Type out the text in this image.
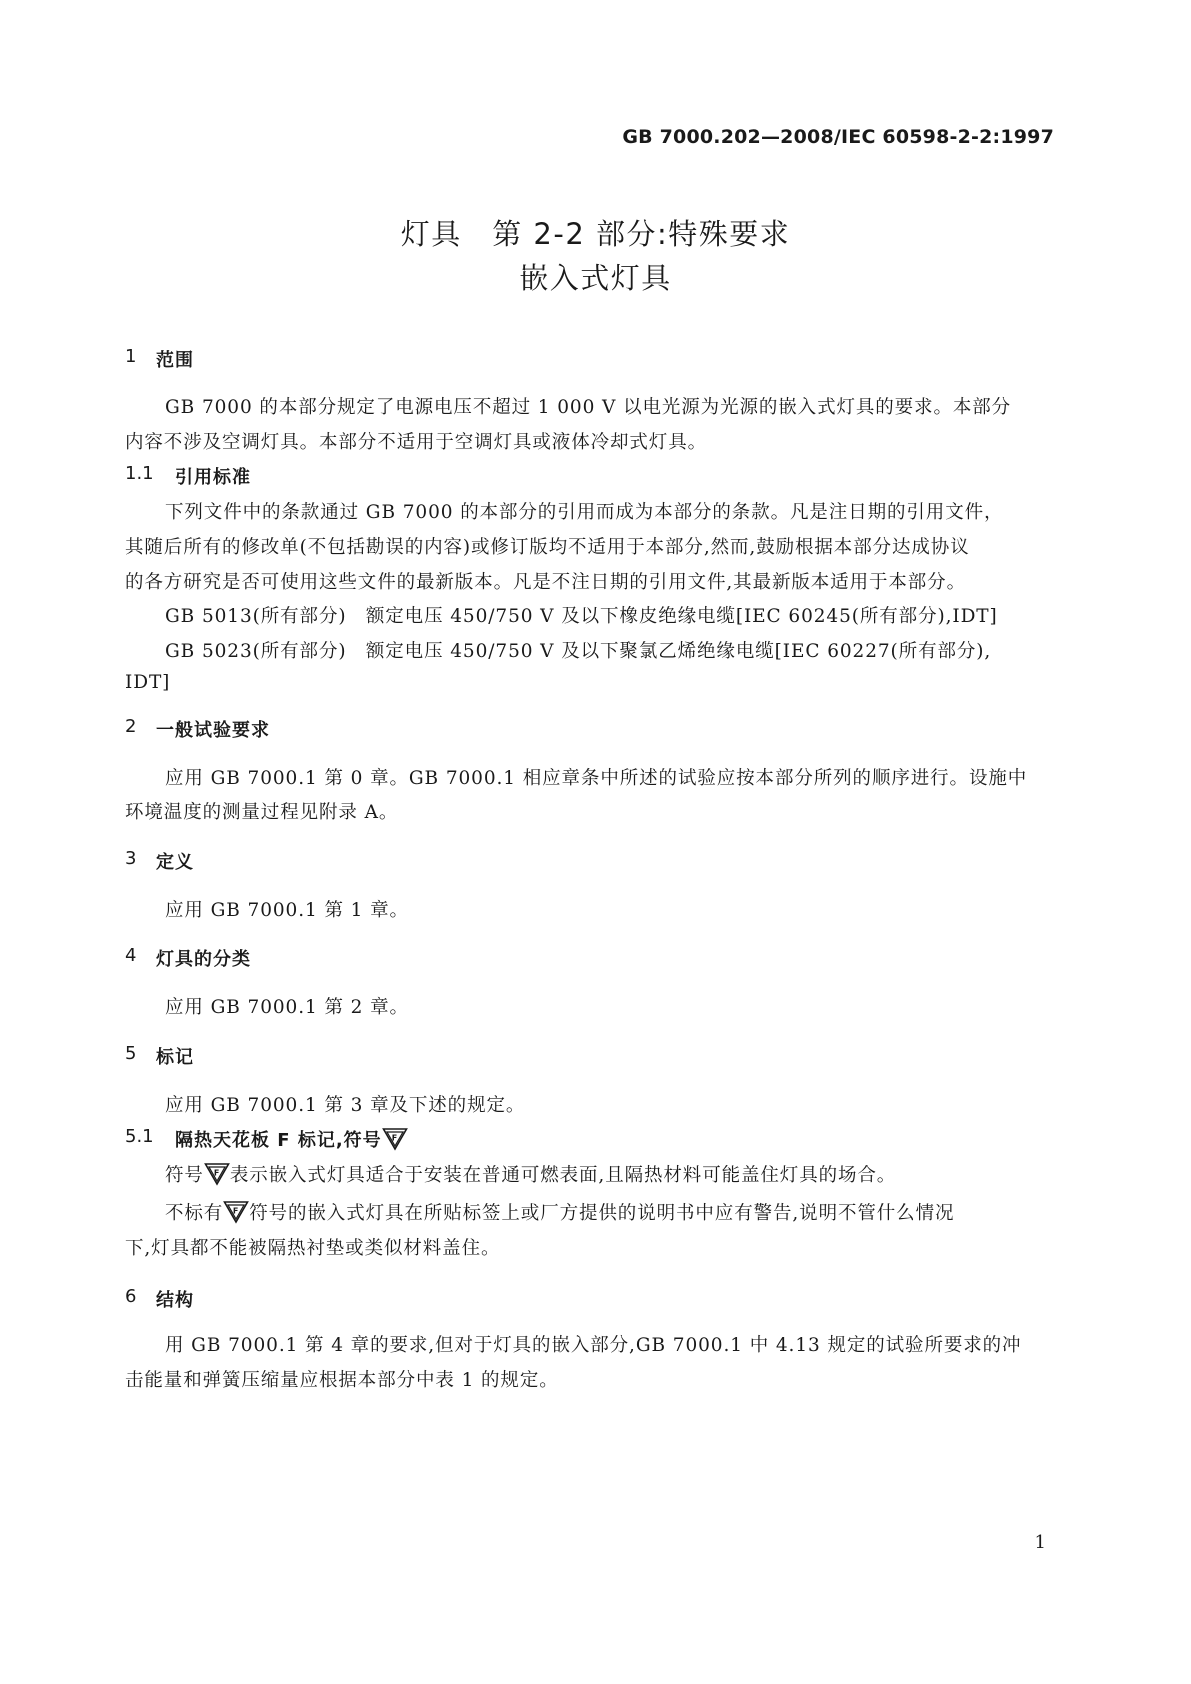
GB 7000.202—2008/IEC 60598-2-2:1997
灯具　第 2-2 部分:特殊要求
嵌入式灯具
1 范围
GB 7000 的本部分规定了电源电压不超过 1 000 V 以电光源为光源的嵌入式灯具的要求。本部分
内容不涉及空调灯具。本部分不适用于空调灯具或液体冷却式灯具。
1.1 引用标准
下列文件中的条款通过 GB 7000 的本部分的引用而成为本部分的条款。凡是注日期的引用文件，
其随后所有的修改单(不包括勘误的内容)或修订版均不适用于本部分,然而,鼓励根据本部分达成协议
的各方研究是否可使用这些文件的最新版本。凡是不注日期的引用文件,其最新版本适用于本部分。
GB 5013(所有部分)　额定电压 450/750 V 及以下橡皮绝缘电缆[IEC 60245(所有部分),IDT]
GB 5023(所有部分)　额定电压 450/750 V 及以下聚氯乙烯绝缘电缆[IEC 60227(所有部分),
IDT]
2 一般试验要求
应用 GB 7000.1 第 0 章。GB 7000.1 相应章条中所述的试验应按本部分所列的顺序进行。设施中
环境温度的测量过程见附录 A。
3 定义
应用 GB 7000.1 第 1 章。
4 灯具的分类
应用 GB 7000.1 第 2 章。
5 标记
应用 GB 7000.1 第 3 章及下述的规定。
5.1 隔热天花板 F 标记,符号 F
符号 F 表示嵌入式灯具适合于安装在普通可燃表面,且隔热材料可能盖住灯具的场合。
不标有 F 符号的嵌入式灯具在所贴标签上或厂方提供的说明书中应有警告,说明不管什么情况
下,灯具都不能被隔热衬垫或类似材料盖住。
6 结构
用 GB 7000.1 第 4 章的要求,但对于灯具的嵌入部分,GB 7000.1 中 4.13 规定的试验所要求的冲
击能量和弹簧压缩量应根据本部分中表 1 的规定。
1
